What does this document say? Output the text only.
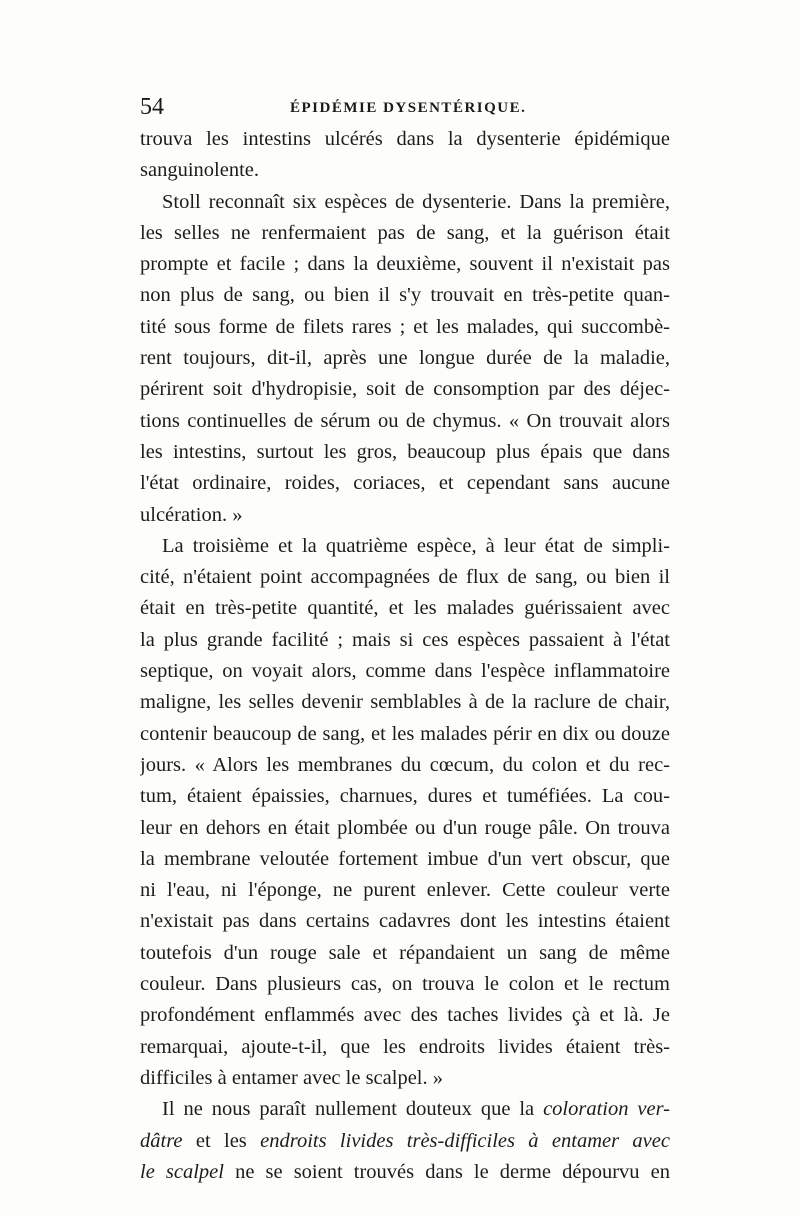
54	ÉPIDÉMIE DYSENTÉRIQUE.
trouva les intestins ulcérés dans la dysenterie épidémique
sanguinolente.
Stoll reconnaît six espèces de dysenterie. Dans la première,
les selles ne renfermaient pas de sang, et la guérison était
prompte et facile ; dans la deuxième, souvent il n'existait pas
non plus de sang, ou bien il s'y trouvait en très-petite quan-
tité sous forme de filets rares ; et les malades, qui succombè-
rent toujours, dit-il, après une longue durée de la maladie,
périrent soit d'hydropisie, soit de consomption par des déjec-
tions continuelles de sérum ou de chymus. « On trouvait alors
les intestins, surtout les gros, beaucoup plus épais que dans
l'état ordinaire, roides, coriaces, et cependant sans aucune
ulcération. »
La troisième et la quatrième espèce, à leur état de simpli-
cité, n'étaient point accompagnées de flux de sang, ou bien il
était en très-petite quantité, et les malades guérissaient avec
la plus grande facilité ; mais si ces espèces passaient à l'état
septique, on voyait alors, comme dans l'espèce inflammatoire
maligne, les selles devenir semblables à de la raclure de chair,
contenir beaucoup de sang, et les malades périr en dix ou douze
jours. « Alors les membranes du cœcum, du colon et du rec-
tum, étaient épaissies, charnues, dures et tuméfiées. La cou-
leur en dehors en était plombée ou d'un rouge pâle. On trouva
la membrane veloutée fortement imbue d'un vert obscur, que
ni l'eau, ni l'éponge, ne purent enlever. Cette couleur verte
n'existait pas dans certains cadavres dont les intestins étaient
toutefois d'un rouge sale et répandaient un sang de même
couleur. Dans plusieurs cas, on trouva le colon et le rectum
profondément enflammés avec des taches livides çà et là. Je
remarquai, ajoute-t-il, que les endroits livides étaient très-
difficiles à entamer avec le scalpel. »
Il ne nous paraît nullement douteux que la coloration ver-
dâtre et les endroits livides très-difficiles à entamer avec
le scalpel ne se soient trouvés dans le derme dépourvu en
